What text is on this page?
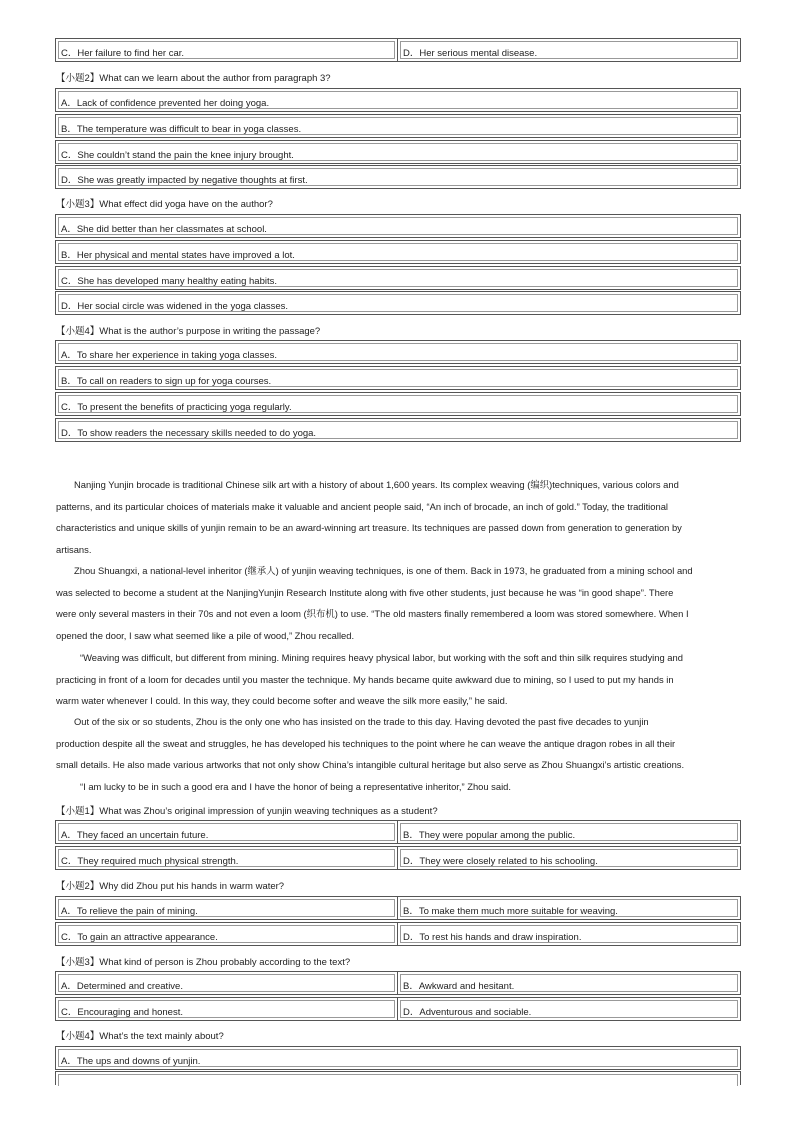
C．Her failure to find her car.	D．Her serious mental disease.
【小题2】What can we learn about the author from paragraph 3?
A．Lack of confidence prevented her doing yoga.
B．The temperature was difficult to bear in yoga classes.
C．She couldn’t stand the pain the knee injury brought.
D．She was greatly impacted by negative thoughts at first.
【小题3】What effect did yoga have on the author?
A．She did better than her classmates at school.
B．Her physical and mental states have improved a lot.
C．She has developed many healthy eating habits.
D．Her social circle was widened in the yoga classes.
【小题4】What is the author’s purpose in writing the passage?
A．To share her experience in taking yoga classes.
B．To call on readers to sign up for yoga courses.
C．To present the benefits of practicing yoga regularly.
D．To show readers the necessary skills needed to do yoga.
Nanjing Yunjin brocade is traditional Chinese silk art with a history of about 1,600 years. Its complex weaving (编织)techniques, various colors and
patterns, and its particular choices of materials make it valuable and ancient people said, “An inch of brocade, an inch of gold.” Today, the traditional
characteristics and unique skills of yunjin remain to be an award-winning art treasure. Its techniques are passed down from generation to generation by
artisans.
Zhou Shuangxi, a national-level inheritor (继承人) of yunjin weaving techniques, is one of them. Back in 1973, he graduated from a mining school and
was selected to become a student at the NanjingYunjin Research Institute along with five other students, just because he was “in good shape”. There
were only several masters in their 70s and not even a loom (织布机) to use. “The old masters finally remembered a loom was stored somewhere. When I
opened the door, I saw what seemed like a pile of wood,” Zhou recalled.
“Weaving was difficult, but different from mining. Mining requires heavy physical labor, but working with the soft and thin silk requires studying and
practicing in front of a loom for decades until you master the technique. My hands became quite awkward due to mining, so I used to put my hands in
warm water whenever I could. In this way, they could become softer and weave the silk more easily,” he said.
Out of the six or so students, Zhou is the only one who has insisted on the trade to this day. Having devoted the past five decades to yunjin
production despite all the sweat and struggles, he has developed his techniques to the point where he can weave the antique dragon robes in all their
small details. He also made various artworks that not only show China’s intangible cultural heritage but also serve as Zhou Shuangxi’s artistic creations.
“I am lucky to be in such a good era and I have the honor of being a representative inheritor,” Zhou said.
【小题1】What was Zhou’s original impression of yunjin weaving techniques as a student?
A．They faced an uncertain future.	B．They were popular among the public.
C．They required much physical strength.	D．They were closely related to his schooling.
【小题2】Why did Zhou put his hands in warm water?
A．To relieve the pain of mining.	B．To make them much more suitable for weaving.
C．To gain an attractive appearance.	D．To rest his hands and draw inspiration.
【小题3】What kind of person is Zhou probably according to the text?
A．Determined and creative.	B．Awkward and hesitant.
C．Encouraging and honest.	D．Adventurous and sociable.
【小题4】What’s the text mainly about?
A．The ups and downs of yunjin.
